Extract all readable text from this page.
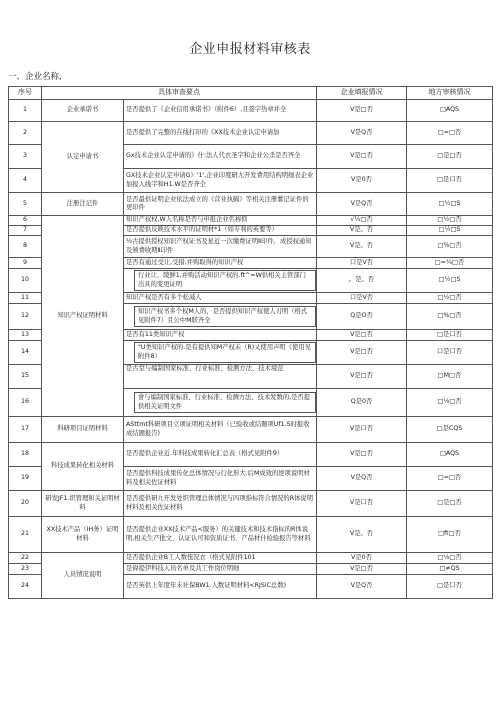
企业申报材料审核表
一、企业名称,
序号	具体审查要点		企业填报情况	地方审核情况
1	企业承诺书	是否提供了《企业信用承诺书》（附件6）,且签字热章并全	V是□否	□AQS
2	认定申请书	是否提供了完整的在线打印的《XX技术企业认定申请加	V是Q否	□=□否
3		Gx技术企业认定申请的》什:法人代衣圣字和企业公杀是否齐全	V是□否	□是□否
4		GX技术企业认定申请G》'1',企业印度研尢开发费用结构明细表企业加报人线字和H1.W是否齐全	V是0否	□是口否
5	注册注记件	是否最供证明企业依法成立的《营业执膈》等相关注册薯记证件的更印件	V是Q否	□½□S
6	知识产权证明材料	知识产权权,W人名称是否与申报企业名称㑔	√¼□否	□½□否
7		是否提供反映技术水平的证明材*1（如专利的英要等）	V是。否	□½□S
8		½古提供授权知识产权证书及星近一次缴费证明Ⅱ印件，成授权通知及颁费收期Ⅱ印件	V是。否	□⅜□否
9		是否有通过受让,受措,并购取得的知识产权	口是V否	□=¼□否
10		行业让、陵鲜1,并购活动知识产权的.ft^=W供相关主管部门出具的变更证明	。是。否	□½□S
11		知识产权是否有多个松减人	口是V否	□½□否
12		知识产权书多个权M人的，是否提供知识产权使人刃明（格式见附件7）且公中M联齐全	Q是O否	□%□否
13		是否有11类知识产权	V是□否	□是口否
14		"U类知识产权的.是有提供知M产权未（R)乂使用声明《使用见附件8）	V是□否	口是口否
15		是古堂与编制国家标准、行业标准、检测方法、技术境范	V是□否	□M□否
16		會与编制国家标准、行业标准、检测方法、技术发数的,是否提供相关证明文件	Q是0否	□⅛□否
17	科研项目证明材料	ASttmt科研项目立项证明相关材料（已验收或结题项Uf1.S时报收成结题报告)	V是口否	□是CQS
18	科技成果转化相关材料	是否提供企业近.年科技成果转化汇总表（格式见附件9）	V是□否	□AQS
19		是否提供科技成果传化总体情况与行化形大.后M成效的逆项说明材料及相关佐证材料	V是Q否	□=□否
20	研发JF1.织管理和关证明材料	是否提供研九开发处织管理总体情况与四项指标符合情况的R体说明材料及相关佐证材料	V是口否	□是□否
21	XX技术产品（IH务）证明材料	是否提供企业XX技术产品<服务）的关键技术和技术指标的R体说明,相关生产批文、认证认可和资质证书、产品材什检验报告等材料	V是。否	□ft□否
22	人员情况说明	是否提供企业B工人数忸况衣（格式见附件101	V是0否	□⅛□否
23		是偉提伊科技人员名单及共工作岗位明细	V是□否	□≠QS
24		是否英供上年度年末社保BW1.人数证明材料<RJSiC总数)	V是Q否	□是口否
